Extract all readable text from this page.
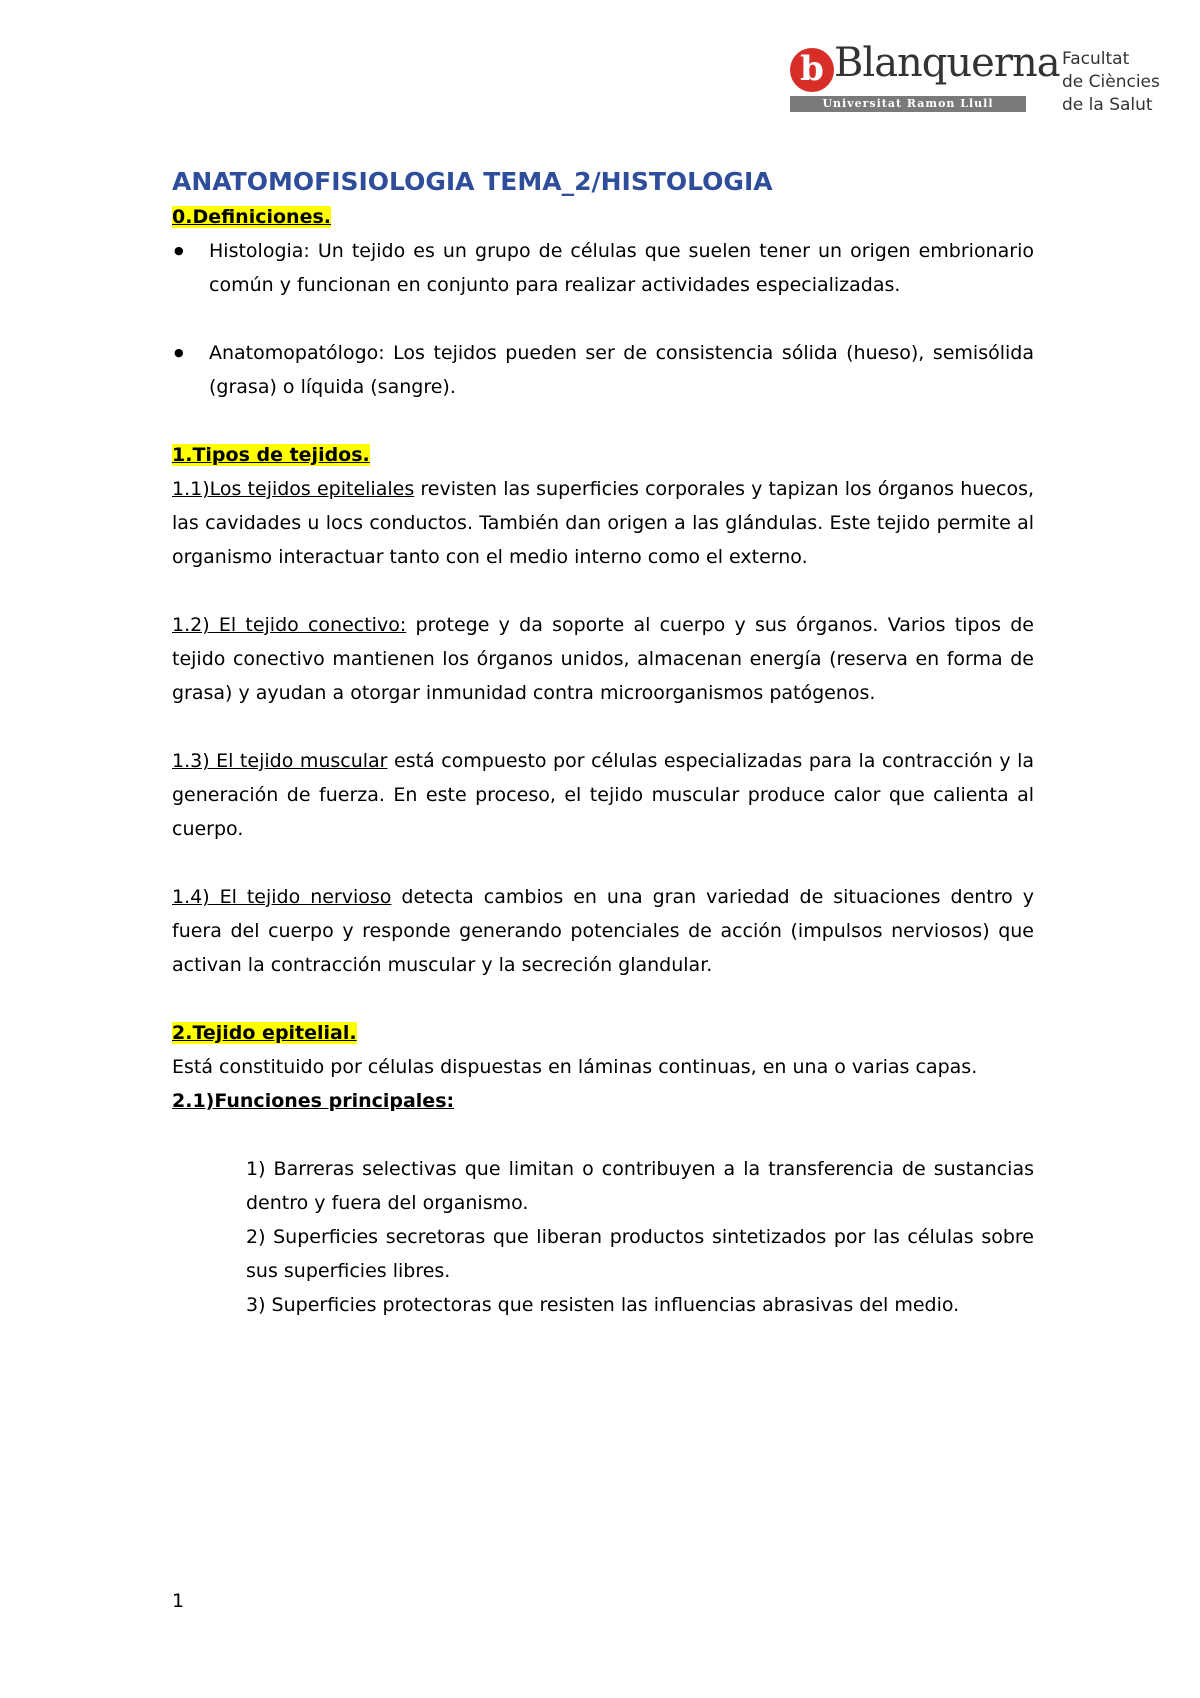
b Blanquerna
Universitat Ramon Llull
Facultat
de Ciències
de la Salut
ANATOMOFISIOLOGIA TEMA_2/HISTOLOGIA
0.Definiciones.
● Histologia: Un tejido es un grupo de células que suelen tener un origen embrionario común y funcionan en conjunto para realizar actividades especializadas.
● Anatomopatólogo: Los tejidos pueden ser de consistencia sólida (hueso), semisólida (grasa) o líquida (sangre).
1.Tipos de tejidos.

1.1)Los tejidos epiteliales revisten las superficies corporales y tapizan los órganos huecos, las cavidades u locs conductos. También dan origen a las glándulas. Este tejido permite al organismo interactuar tanto con el medio interno como el externo.

1.2) El tejido conectivo: protege y da soporte al cuerpo y sus órganos. Varios tipos de tejido conectivo mantienen los órganos unidos, almacenan energía (reserva en forma de grasa) y ayudan a otorgar inmunidad contra microorganismos patógenos.

1.3) El tejido muscular está compuesto por células especializadas para la contracción y la generación de fuerza. En este proceso, el tejido muscular produce calor que calienta al cuerpo.

1.4) El tejido nervioso detecta cambios en una gran variedad de situaciones dentro y fuera del cuerpo y responde generando potenciales de acción (impulsos nerviosos) que activan la contracción muscular y la secreción glandular.

2.Tejido epitelial.

Está constituido por células dispuestas en láminas continuas, en una o varias capas.

2.1)Funciones principales:

1) Barreras selectivas que limitan o contribuyen a la transferencia de sustancias dentro y fuera del organismo.

2) Superficies secretoras que liberan productos sintetizados por las células sobre sus superficies libres.

3) Superficies protectoras que resisten las influencias abrasivas del medio.

1
